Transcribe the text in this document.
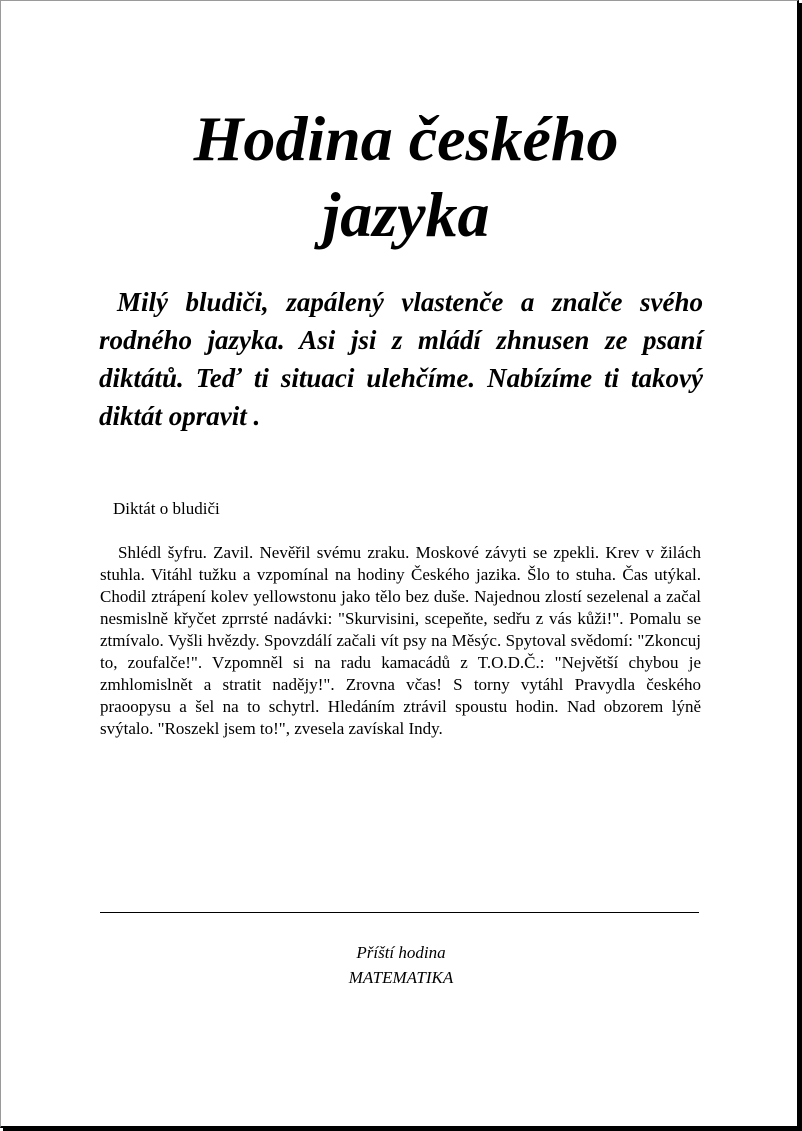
Hodina českého
jazyka

Milý bludiči, zapálený vlastenče a znalče svého rodného jazyka. Asi jsi z mládí zhnusen ze psaní diktátů. Teď ti situaci ulehčíme. Nabízíme ti takový diktát opravit .

Diktát o bludiči

Shlédl šyfru. Zavil. Nevěřil svému zraku. Moskové závyti se zpekli. Krev v žilách stuhla. Vitáhl tužku a vzpomínal na hodiny Českého jazika. Šlo to stuha. Čas utýkal. Chodil ztrápení kolev yellowstonu jako tělo bez duše. Najednou zlostí sezelenal a začal nesmislně křyčet zprrsté nadávki: "Skurvisini, scepeňte, sedřu z vás kůži!". Pomalu se ztmívalo. Vyšli hvězdy. Spovzdálí začali vít psy na Měsýc. Spytoval svědomí: "Zkoncuj to, zoufalče!". Vzpomněl si na radu kamacádů z T.O.D.Č.: "Největší chybou je zmhlomislnět a stratit nadějy!". Zrovna včas! S torny vytáhl Pravydla českého praoopysu a šel na to schytrl. Hledáním ztrávil spoustu hodin. Nad obzorem lýně svýtalo. "Roszekl jsem to!", zvesela zavískal Indy.

Příští hodina
MATEMATIKA
